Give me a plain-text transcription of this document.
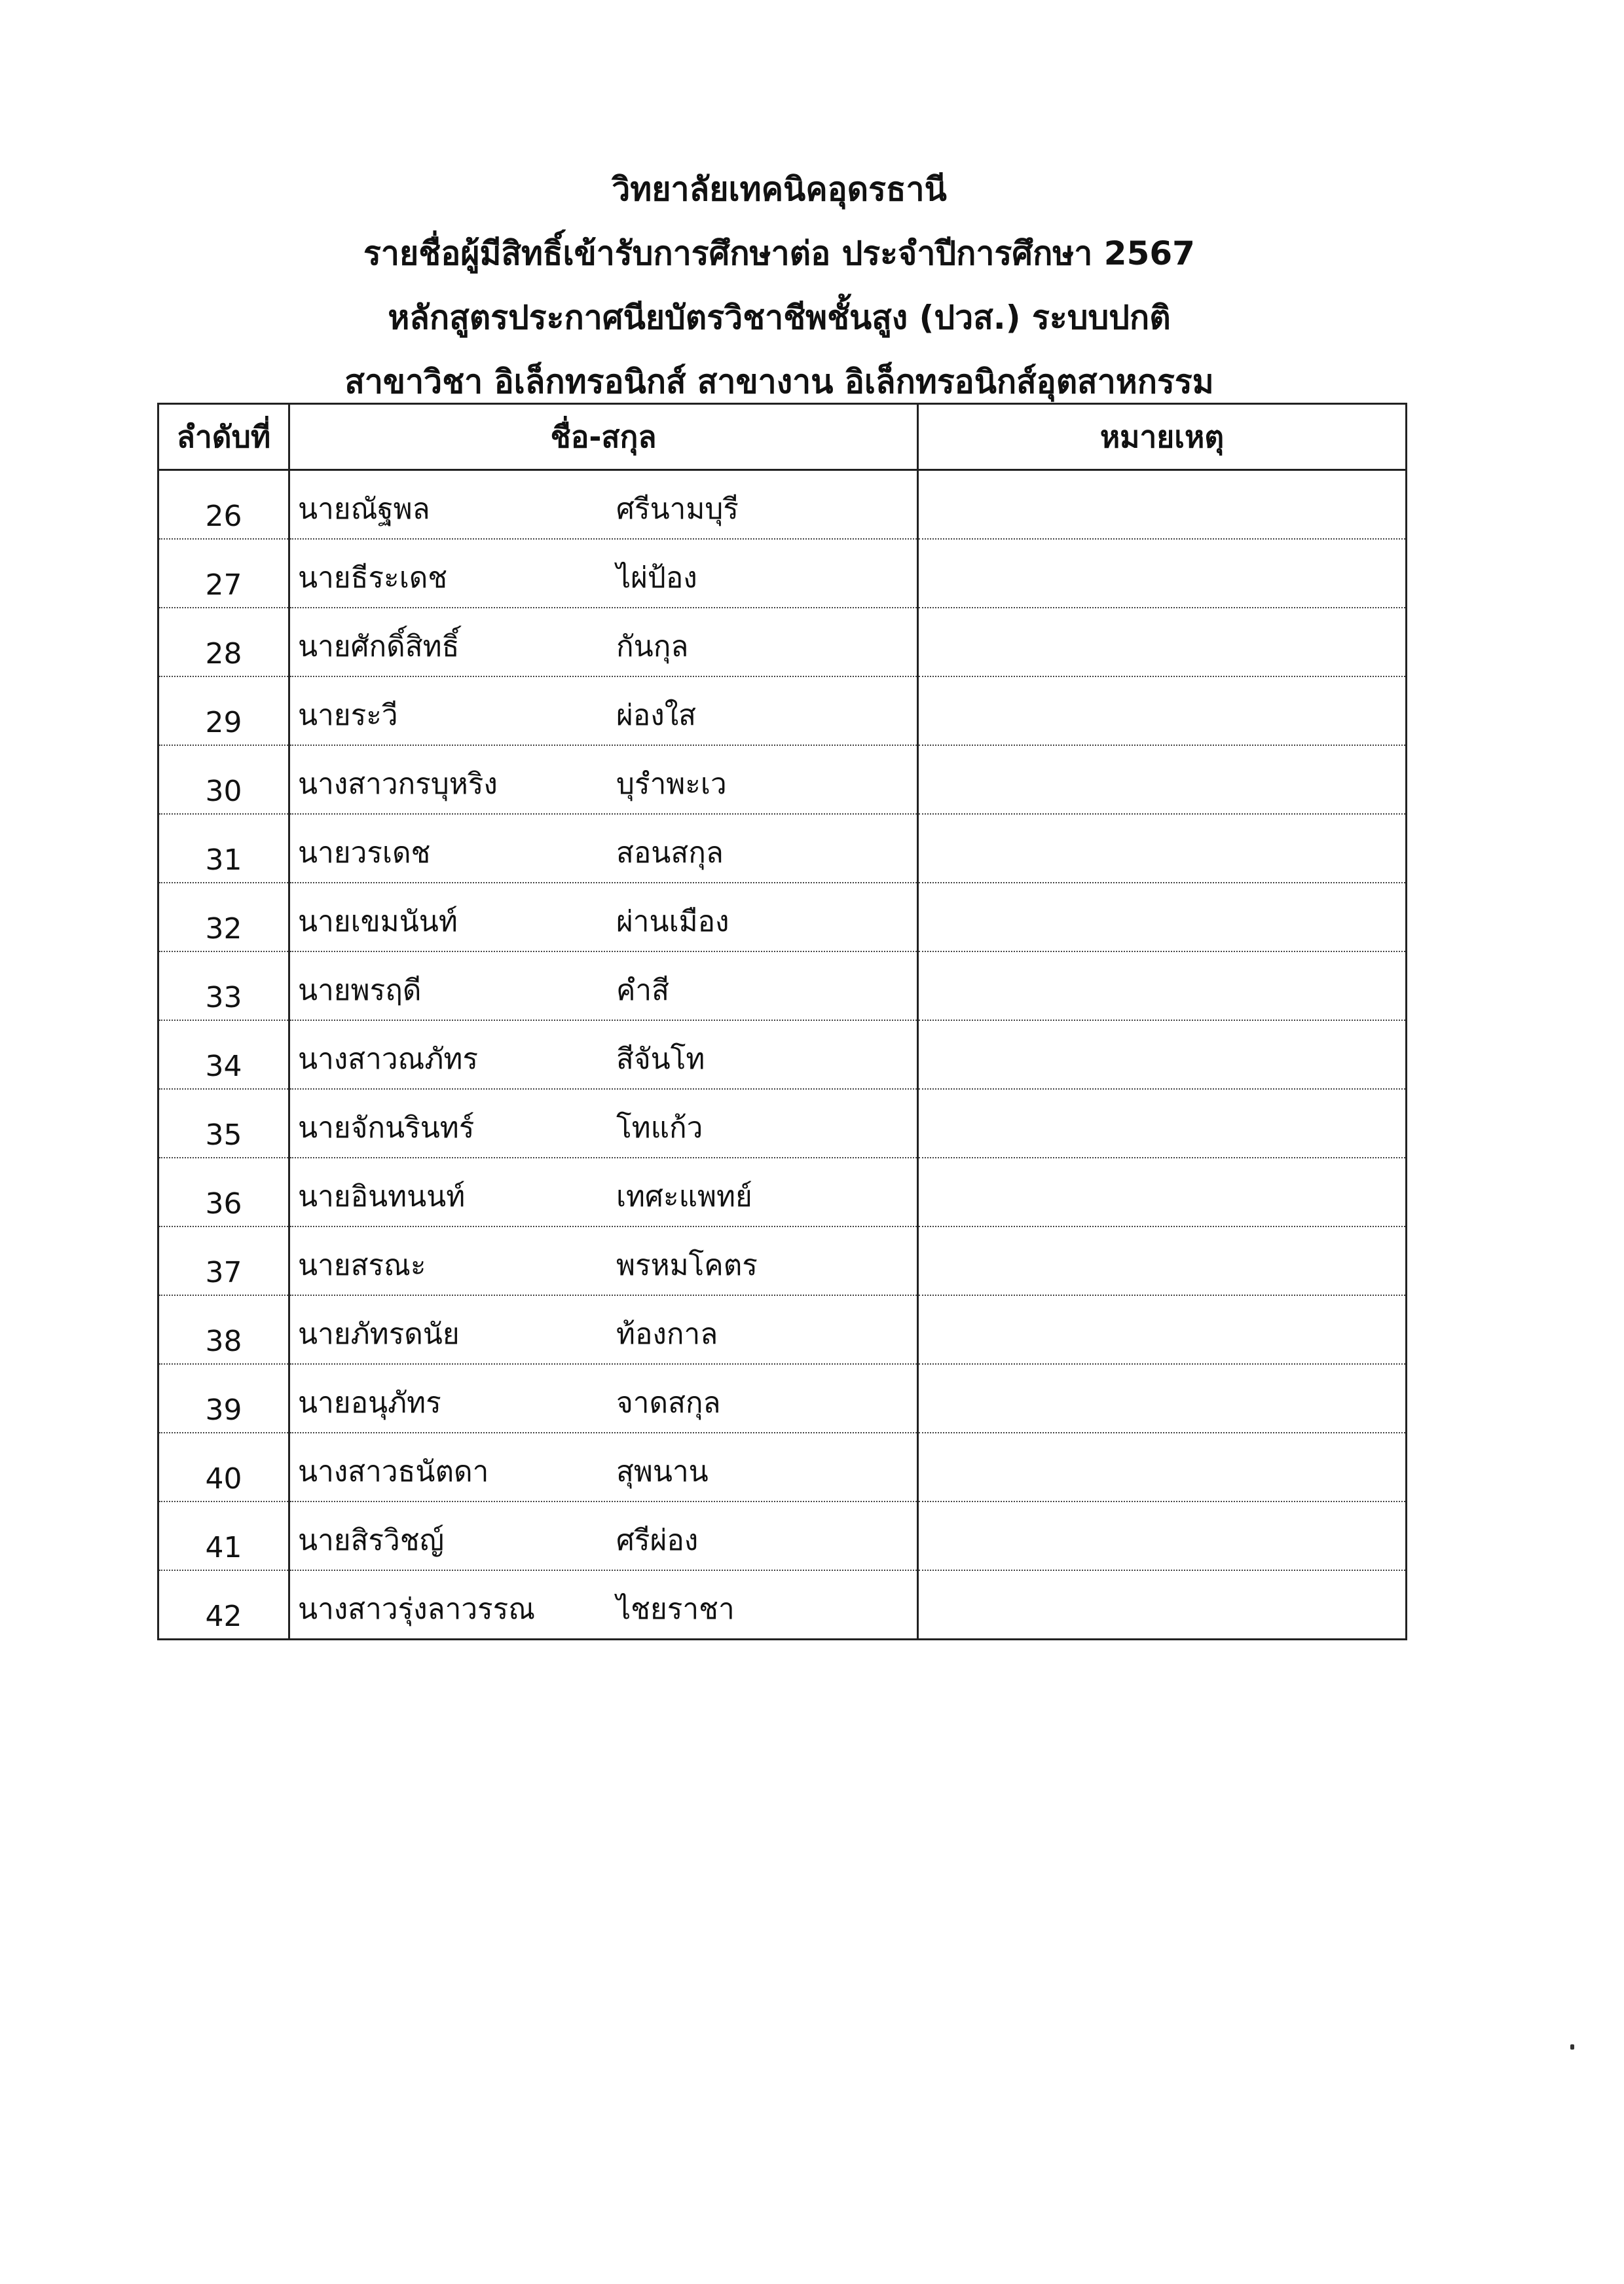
วิทยาลัยเทคนิคอุดรธานี
รายชื่อผู้มีสิทธิ์เข้ารับการศึกษาต่อ ประจำปีการศึกษา 2567
หลักสูตรประกาศนียบัตรวิชาชีพชั้นสูง (ปวส.) ระบบปกติ
สาขาวิชา อิเล็กทรอนิกส์ สาขางาน อิเล็กทรอนิกส์อุตสาหกรรม
ลำดับที่	ชื่อ-สกุล	หมายเหตุ
26	นายณัฐพล ศรีนามบุรี	

27	นายธีระเดช ไผ่ป้อง	

28	นายศักดิ์สิทธิ์ กันกุล	

29	นายระวี ผ่องใส	

30	นางสาวกรบุหริง บุรำพะเว	

31	นายวรเดช สอนสกุล	

32	นายเขมนันท์ ผ่านเมือง	

33	นายพรฤดี คำสี	

34	นางสาวณภัทร สีจันโท	

35	นายจักนรินทร์ โทแก้ว	

36	นายอินทนนท์ เทศะแพทย์	

37	นายสรณะ พรหมโคตร	

38	นายภัทรดนัย ท้องกาล	

39	นายอนุภัทร จาดสกุล	

40	นางสาวธนัตดา สุพนาน	

41	นายสิรวิชญ์ ศรีผ่อง	

42	นางสาวรุ่งลาวรรณ ไชยราชา	
